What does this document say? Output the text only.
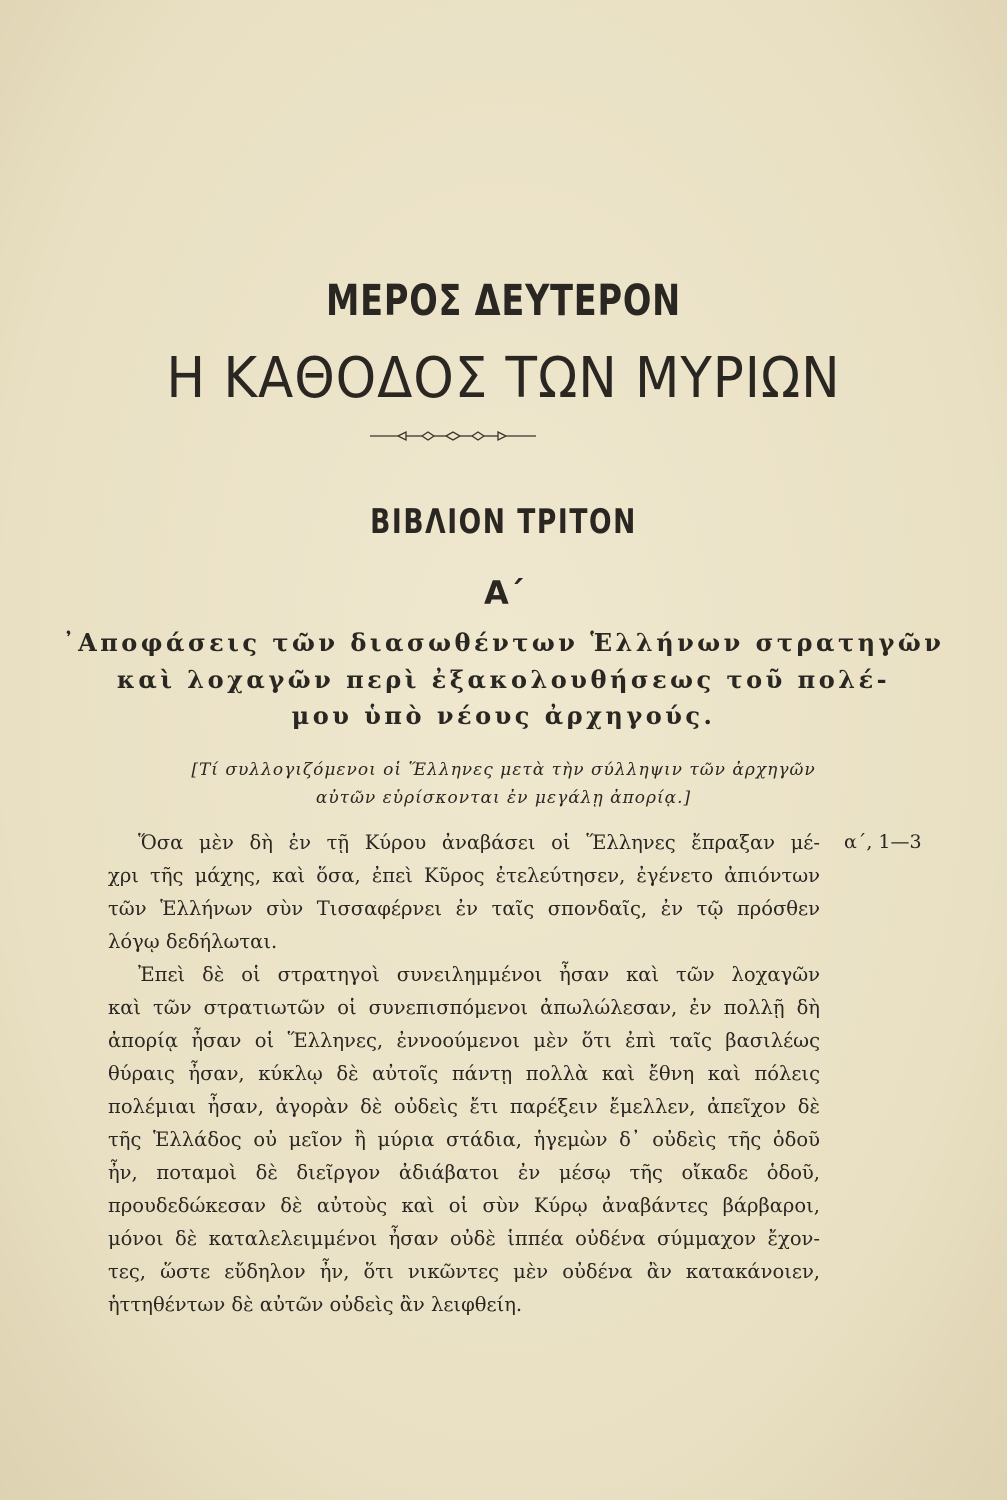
ΜΕΡΟΣ ΔΕΥΤΕΡΟΝ
Η ΚΑΘΟΔΟΣ ΤΩΝ ΜΥΡΙΩΝ
ΒΙΒΛΙΟΝ ΤΡΙΤΟΝ
Α΄
᾽Αποφάσεις τῶν διασωθέντων Ἑλλήνων στρατηγῶν
καὶ λοχαγῶν περὶ ἐξακολουθήσεως τοῦ πολέ-
μου ὑπὸ νέους ἀρχηγούς.
[Τί συλλογιζόμενοι οἱ Ἕλληνες μετὰ τὴν σύλληψιν τῶν ἀρχηγῶν
αὐτῶν εὑρίσκονται ἐν μεγάλῃ ἀπορίᾳ.]
α΄, 1—3
Ὅσα μὲν δὴ ἐν τῇ Κύρου ἀναβάσει οἱ Ἕλληνες ἔπραξαν μέ-
χρι τῆς μάχης, καὶ ὅσα, ἐπεὶ Κῦρος ἐτελεύτησεν, ἐγένετο ἀπιόντων
τῶν Ἑλλήνων σὺν Τισσαφέρνει ἐν ταῖς σπονδαῖς, ἐν τῷ πρόσθεν
λόγῳ δεδήλωται.
Ἐπεὶ δὲ οἱ στρατηγοὶ συνειλημμένοι ἦσαν καὶ τῶν λοχαγῶν
καὶ τῶν στρατιωτῶν οἱ συνεπισπόμενοι ἀπωλώλεσαν, ἐν πολλῇ δὴ
ἀπορίᾳ ἦσαν οἱ Ἕλληνες, ἐννοούμενοι μὲν ὅτι ἐπὶ ταῖς βασιλέως
θύραις ἦσαν, κύκλῳ δὲ αὐτοῖς πάντῃ πολλὰ καὶ ἔθνη καὶ πόλεις
πολέμιαι ἦσαν, ἀγορὰν δὲ οὐδεὶς ἔτι παρέξειν ἔμελλεν, ἀπεῖχον δὲ
τῆς Ἑλλάδος οὐ μεῖον ἢ μύρια στάδια, ἡγεμὼν δ᾽ οὐδεὶς τῆς ὁδοῦ
ἦν, ποταμοὶ δὲ διεῖργον ἀδιάβατοι ἐν μέσῳ τῆς οἴκαδε ὁδοῦ,
προυδεδώκεσαν δὲ αὐτοὺς καὶ οἱ σὺν Κύρῳ ἀναβάντες βάρβαροι,
μόνοι δὲ καταλελειμμένοι ἦσαν οὐδὲ ἱππέα οὐδένα σύμμαχον ἔχον-
τες, ὥστε εὔδηλον ἦν, ὅτι νικῶντες μὲν οὐδένα ἂν κατακάνοιεν,
ἡττηθέντων δὲ αὐτῶν οὐδεὶς ἂν λειφθείη.
